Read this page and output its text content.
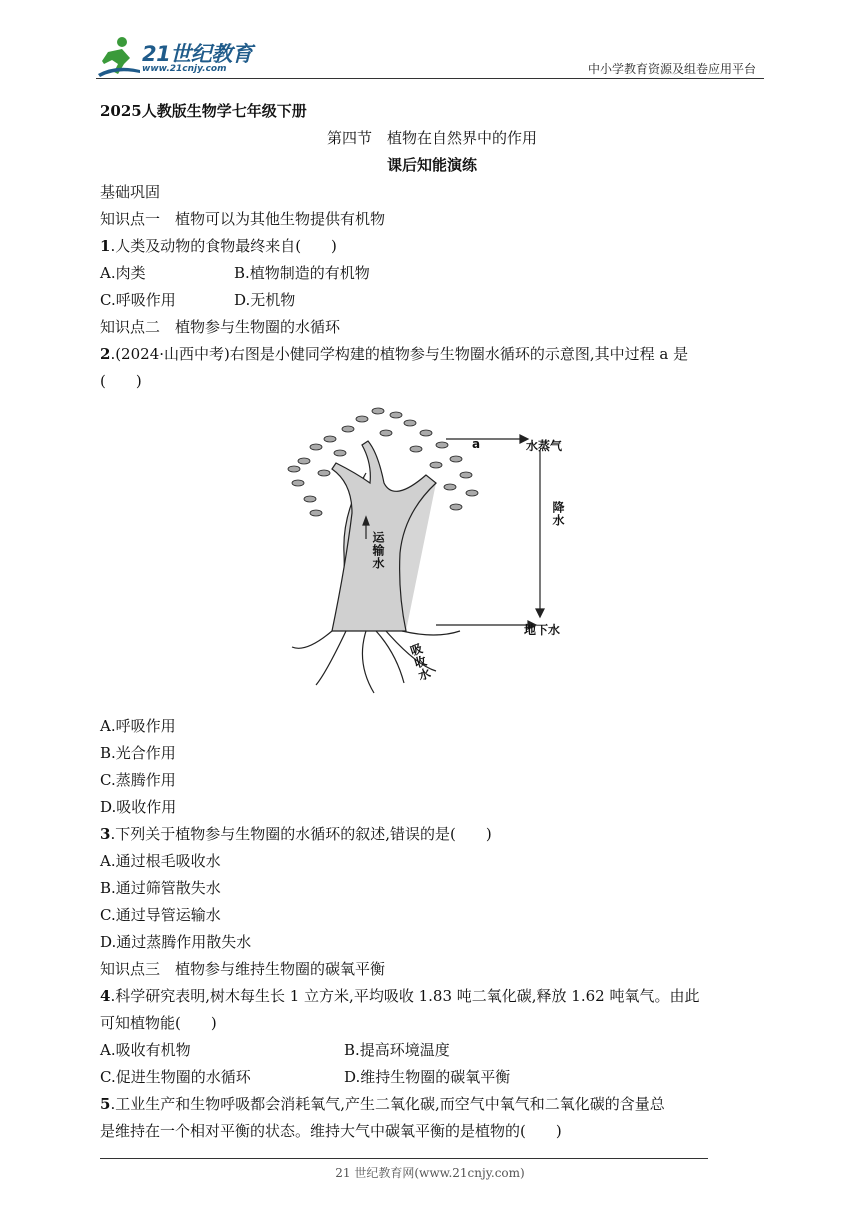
21世纪教育
www.21cnjy.com	中小学教育资源及组卷应用平台

2025人教版生物学七年级下册

第四节　植物在自然界中的作用

课后知能演练

基础巩固

知识点一　植物可以为其他生物提供有机物

1.人类及动物的食物最终来自(　　)

A.肉类	B.植物制造的有机物
C.呼吸作用	D.无机物

知识点二　植物参与生物圈的水循环

2.(2024·山西中考)右图是小健同学构建的植物参与生物圈水循环的示意图,其中过程 a 是

(　　)

a	水蒸气
降水
地下水
运输水
吸收水

A.呼吸作用

B.光合作用

C.蒸腾作用

D.吸收作用

3.下列关于植物参与生物圈的水循环的叙述,错误的是(　　)

A.通过根毛吸收水

B.通过筛管散失水

C.通过导管运输水

D.通过蒸腾作用散失水

知识点三　植物参与维持生物圈的碳氧平衡

4.科学研究表明,树木每生长 1 立方米,平均吸收 1.83 吨二氧化碳,释放 1.62 吨氧气。由此

可知植物能(　　)

A.吸收有机物	B.提高环境温度
C.促进生物圈的水循环	D.维持生物圈的碳氧平衡

5.工业生产和生物呼吸都会消耗氧气,产生二氧化碳,而空气中氧气和二氧化碳的含量总

是维持在一个相对平衡的状态。维持大气中碳氧平衡的是植物的(　　)

21 世纪教育网(www.21cnjy.com)
